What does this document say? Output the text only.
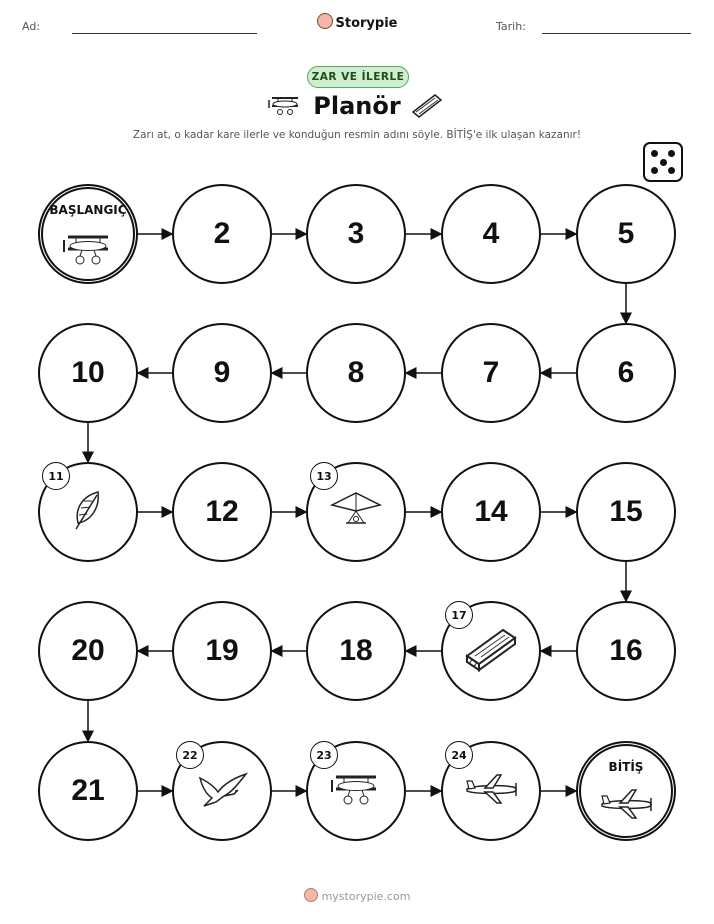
Ad:	Storypie	Tarih:
ZAR VE İLERLE
Planör
Zarı at, o kadar kare ilerle ve konduğun resmin adını söyle. BİTİŞ'e ilk ulaşan kazanır!
BAŞLANGIÇ
2	3	4	5
6
7
8
9
10
11
12
13
14	15
16
17
18
19
20
21
22	23	24
BİTİŞ
mystorypie.com
